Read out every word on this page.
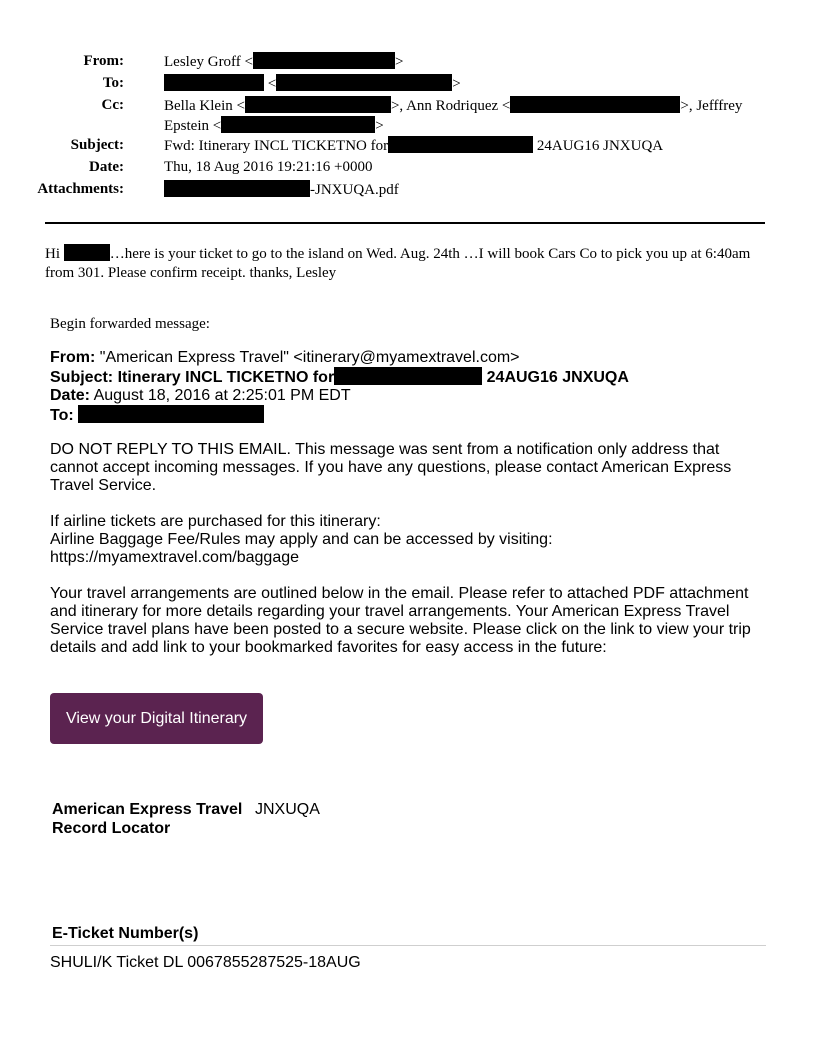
From:	Lesley Groff <	>
To:	<	>
Cc:	Bella Klein <	>, Ann Rodriquez <	>, Jefffrey
Epstein <	>
Subject:	Fwd: Itinerary INCL TICKETNO for	24AUG16 JNXUQA
Date:	Thu, 18 Aug 2016 19:21:16 +0000
Attachments:	-JNXUQA.pdf
Hi	…here is your ticket to go to the island on Wed. Aug. 24th …I will book Cars Co to pick you up at 6:40am from 301. Please confirm receipt. thanks, Lesley
Begin forwarded message:
From: "American Express Travel" <itinerary@myamextravel.com>
Subject: Itinerary INCL TICKETNO for	24AUG16 JNXUQA
Date: August 18, 2016 at 2:25:01 PM EDT
To:
DO NOT REPLY TO THIS EMAIL. This message was sent from a notification only address that cannot accept incoming messages. If you have any questions, please contact American Express Travel Service.
If airline tickets are purchased for this itinerary:
Airline Baggage Fee/Rules may apply and can be accessed by visiting:
https://myamextravel.com/baggage
Your travel arrangements are outlined below in the email. Please refer to attached PDF attachment and itinerary for more details regarding your travel arrangements. Your American Express Travel Service travel plans have been posted to a secure website. Please click on the link to view your trip details and add link to your bookmarked favorites for easy access in the future:
View your Digital Itinerary
American Express Travel JNXUQA
Record Locator
E-Ticket Number(s)
SHULI/K Ticket DL 0067855287525-18AUG
